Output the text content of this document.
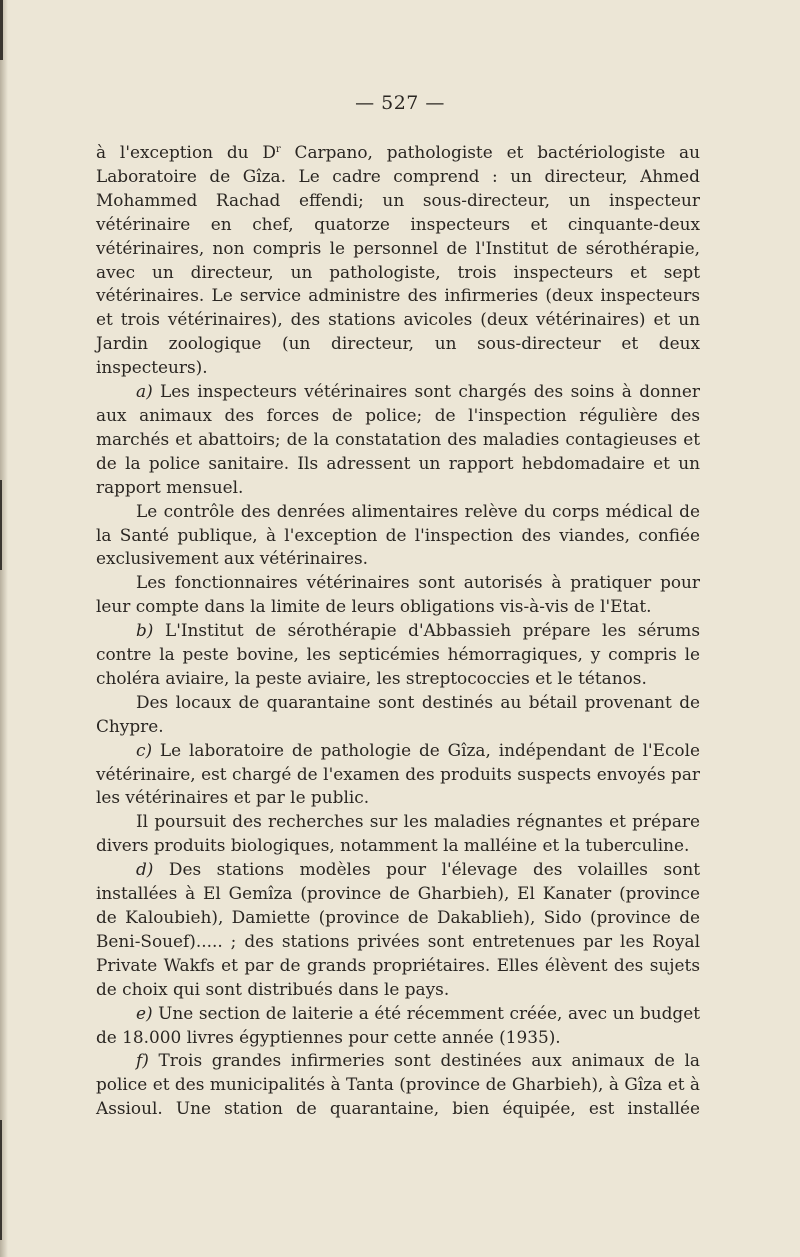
— 527 —

à l'exception du $D^r$ Carpano, pathologiste et bactériologiste au Laboratoire de Gîza. Le cadre comprend : un directeur, Ahmed Mohammed Rachad effendi; un sous-directeur, un inspecteur vétérinaire en chef, quatorze inspecteurs et cinquante-deux vétérinaires, non compris le personnel de l'Institut de sérothérapie, avec un directeur, un pathologiste, trois inspecteurs et sept vétérinaires. Le service administre des infirmeries (deux inspecteurs et trois vétérinaires), des stations avicoles (deux vétérinaires) et un Jardin zoologique (un directeur, un sous-directeur et deux inspecteurs).

a) Les inspecteurs vétérinaires sont chargés des soins à donner aux animaux des forces de police; de l'inspection régulière des marchés et abattoirs; de la constatation des maladies contagieuses et de la police sanitaire. Ils adressent un rapport hebdomadaire et un rapport mensuel.

Le contrôle des denrées alimentaires relève du corps médical de la Santé publique, à l'exception de l'inspection des viandes, confiée exclusivement aux vétérinaires.

Les fonctionnaires vétérinaires sont autorisés à pratiquer pour leur compte dans la limite de leurs obligations vis-à-vis de l'Etat.

b) L'Institut de sérothérapie d'Abbassieh prépare les sérums contre la peste bovine, les septicémies hémorragiques, y compris le choléra aviaire, la peste aviaire, les streptococcies et le tétanos.

Des locaux de quarantaine sont destinés au bétail provenant de Chypre.

c) Le laboratoire de pathologie de Gîza, indépendant de l'Ecole vétérinaire, est chargé de l'examen des produits suspects envoyés par les vétérinaires et par le public.

Il poursuit des recherches sur les maladies régnantes et prépare divers produits biologiques, notamment la malléine et la tuberculine.

d) Des stations modèles pour l'élevage des volailles sont installées à El Gemîza (province de Gharbieh), El Kanater (province de Kaloubieh), Damiette (province de Dakablieh), Sido (province de Beni-Souef)..... ; des stations privées sont entretenues par les Royal Private Wakfs et par de grands propriétaires. Elles élèvent des sujets de choix qui sont distribués dans le pays.

e) Une section de laiterie a été récemment créée, avec un budget de 18.000 livres égyptiennes pour cette année (1935).

f) Trois grandes infirmeries sont destinées aux animaux de la police et des municipalités à Tanta (province de Gharbieh), à Gîza et à Assioul. Une station de quarantaine, bien équipée, est installée
